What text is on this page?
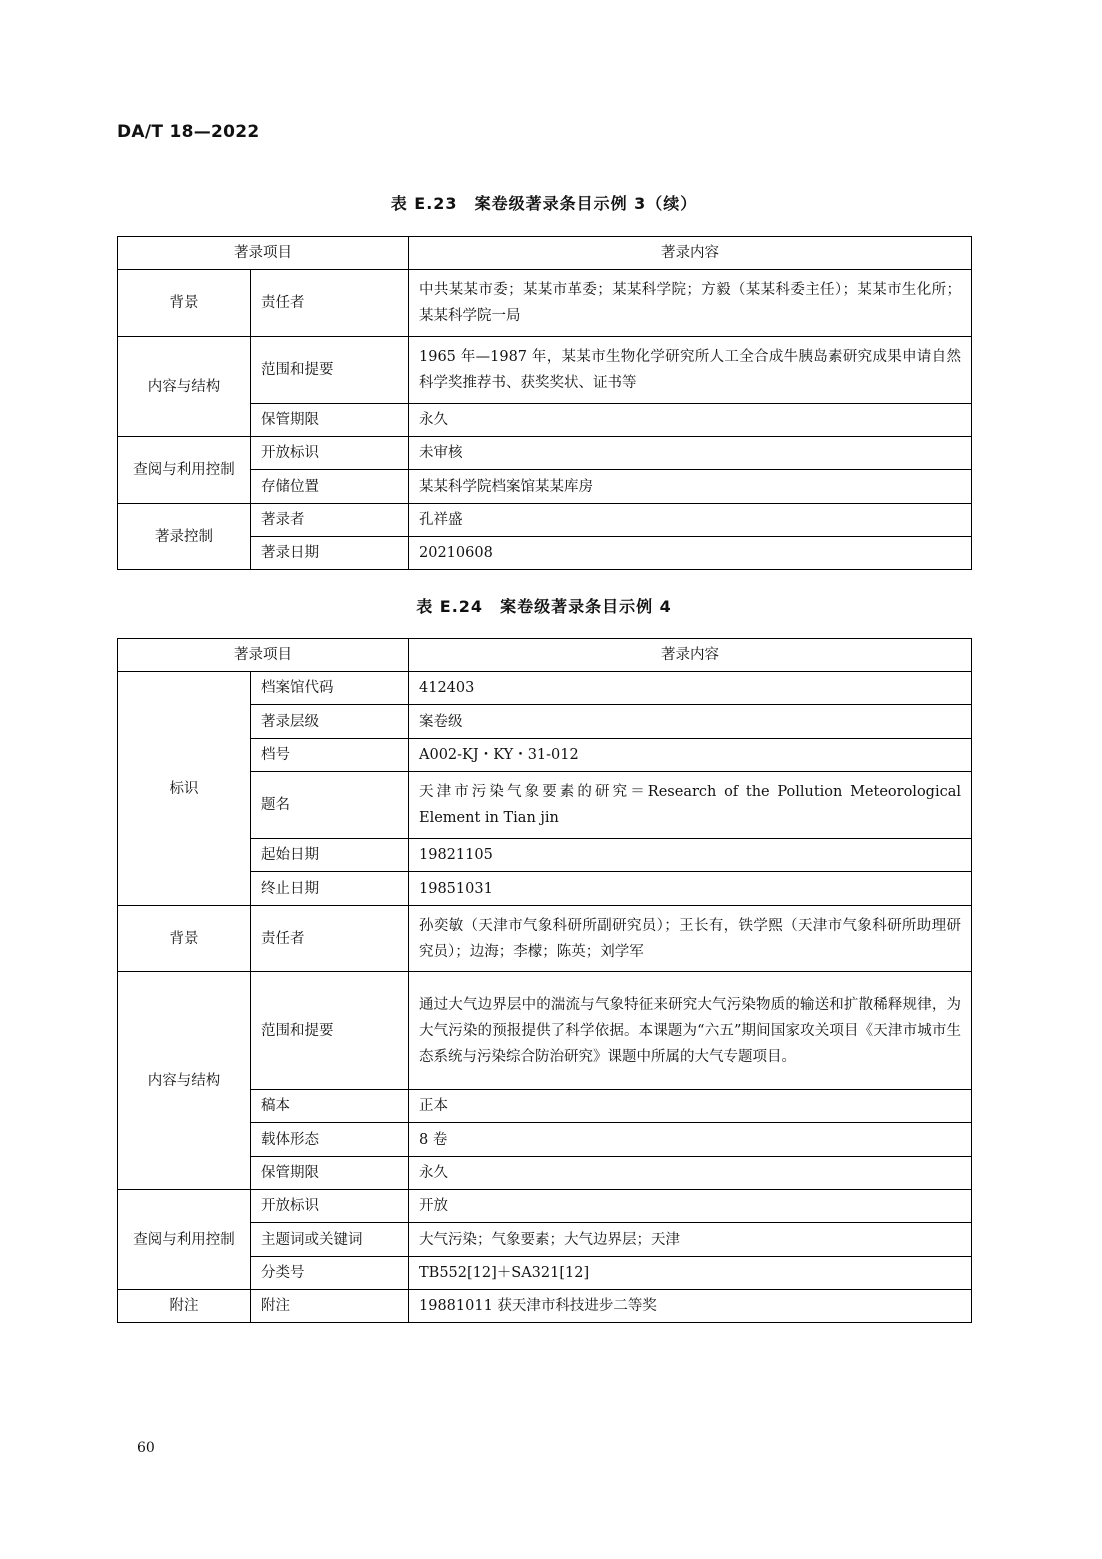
DA/T 18—2022
表 E.23　案卷级著录条目示例 3（续）
著录项目		著录内容
背景	责任者	中共某某市委；某某市革委；某某科学院；方毅（某某科委主任）；某某市生化所；某某科学院一局
内容与结构	范围和提要	1965 年—1987 年，某某市生物化学研究所人工全合成牛胰岛素研究成果申请自然科学奖推荐书、获奖奖状、证书等
	保管期限	永久
查阅与利用控制	开放标识	未审核
	存储位置	某某科学院档案馆某某库房
著录控制	著录者	孔祥盛
	著录日期	20210608
表 E.24　案卷级著录条目示例 4
著录项目		著录内容
标识	档案馆代码	412403
	著录层级	案卷级
	档号	A002-KJ・KY・31-012
	题名	天津市污染气象要素的研究＝Research of the Pollution Meteorological Element in Tian jin
	起始日期	19821105
	终止日期	19851031
背景	责任者	孙奕敏（天津市气象科研所副研究员）；王长有，铁学熙（天津市气象科研所助理研究员）；边海；李檬；陈英；刘学军
内容与结构	范围和提要	通过大气边界层中的湍流与气象特征来研究大气污染物质的输送和扩散稀释规律，为大气污染的预报提供了科学依据。本课题为“六五”期间国家攻关项目《天津市城市生态系统与污染综合防治研究》课题中所属的大气专题项目。
	稿本	正本
	载体形态	8 卷
	保管期限	永久
查阅与利用控制	开放标识	开放
	主题词或关键词	大气污染；气象要素；大气边界层；天津
	分类号	TB552[12]＋SA321[12]
附注	附注	19881011 获天津市科技进步二等奖
60
